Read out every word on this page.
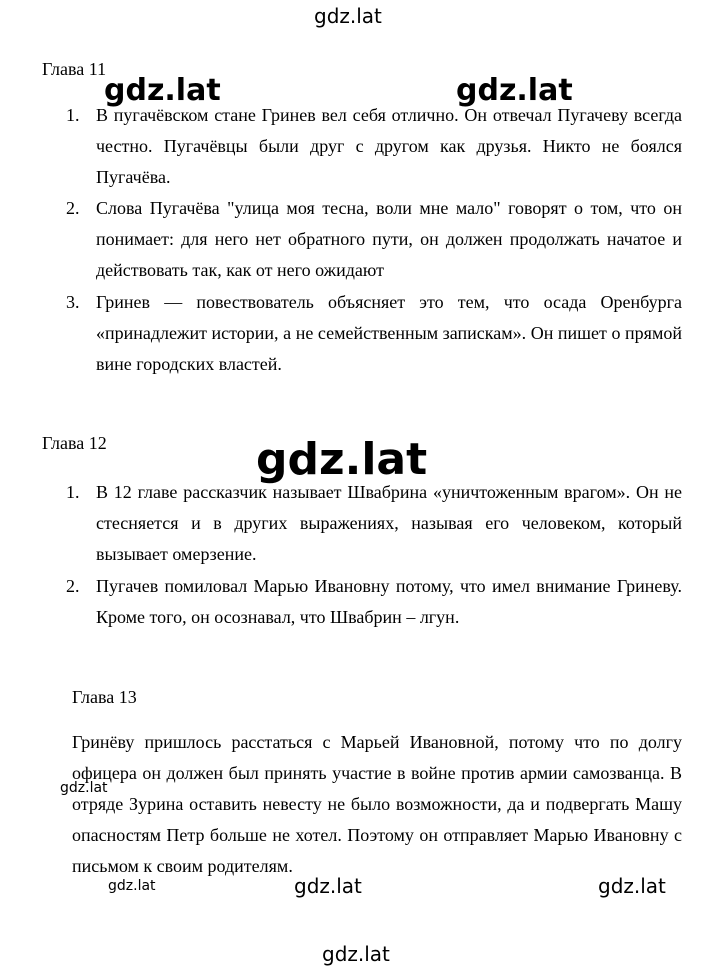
gdz.lat
Глава 11
1. В пугачёвском стане Гринев вел себя отлично. Он отвечал Пугачеву всегда честно. Пугачёвцы были друг с другом как друзья. Никто не боялся Пугачёва.
2. Слова Пугачёва "улица моя тесна, воли мне мало" говорят о том, что он понимает: для него нет обратного пути, он должен продолжать начатое и действовать так, как от него ожидают
3. Гринев — повествователь объясняет это тем, что осада Оренбурга «принадлежит истории, а не семейственным запискам». Он пишет о прямой вине городских властей.
Глава 12
1. В 12 главе рассказчик называет Швабрина «уничтоженным врагом». Он не стесняется и в других выражениях, называя его человеком, который вызывает омерзение.
2. Пугачев помиловал Марью Ивановну потому, что имел внимание Гриневу. Кроме того, он осознавал, что Швабрин – лгун.
Глава 13
Гринёву пришлось расстаться с Марьей Ивановной, потому что по долгу офицера он должен был принять участие в войне против армии самозванца. В отряде Зурина оставить невесту не было возможности, да и подвергать Машу опасностям Петр больше не хотел. Поэтому он отправляет Марью Ивановну с письмом к своим родителям.
gdz.lat	gdz.lat
gdz.lat
gdz.lat
gdz.lat	gdz.lat	gdz.lat
gdz.lat
